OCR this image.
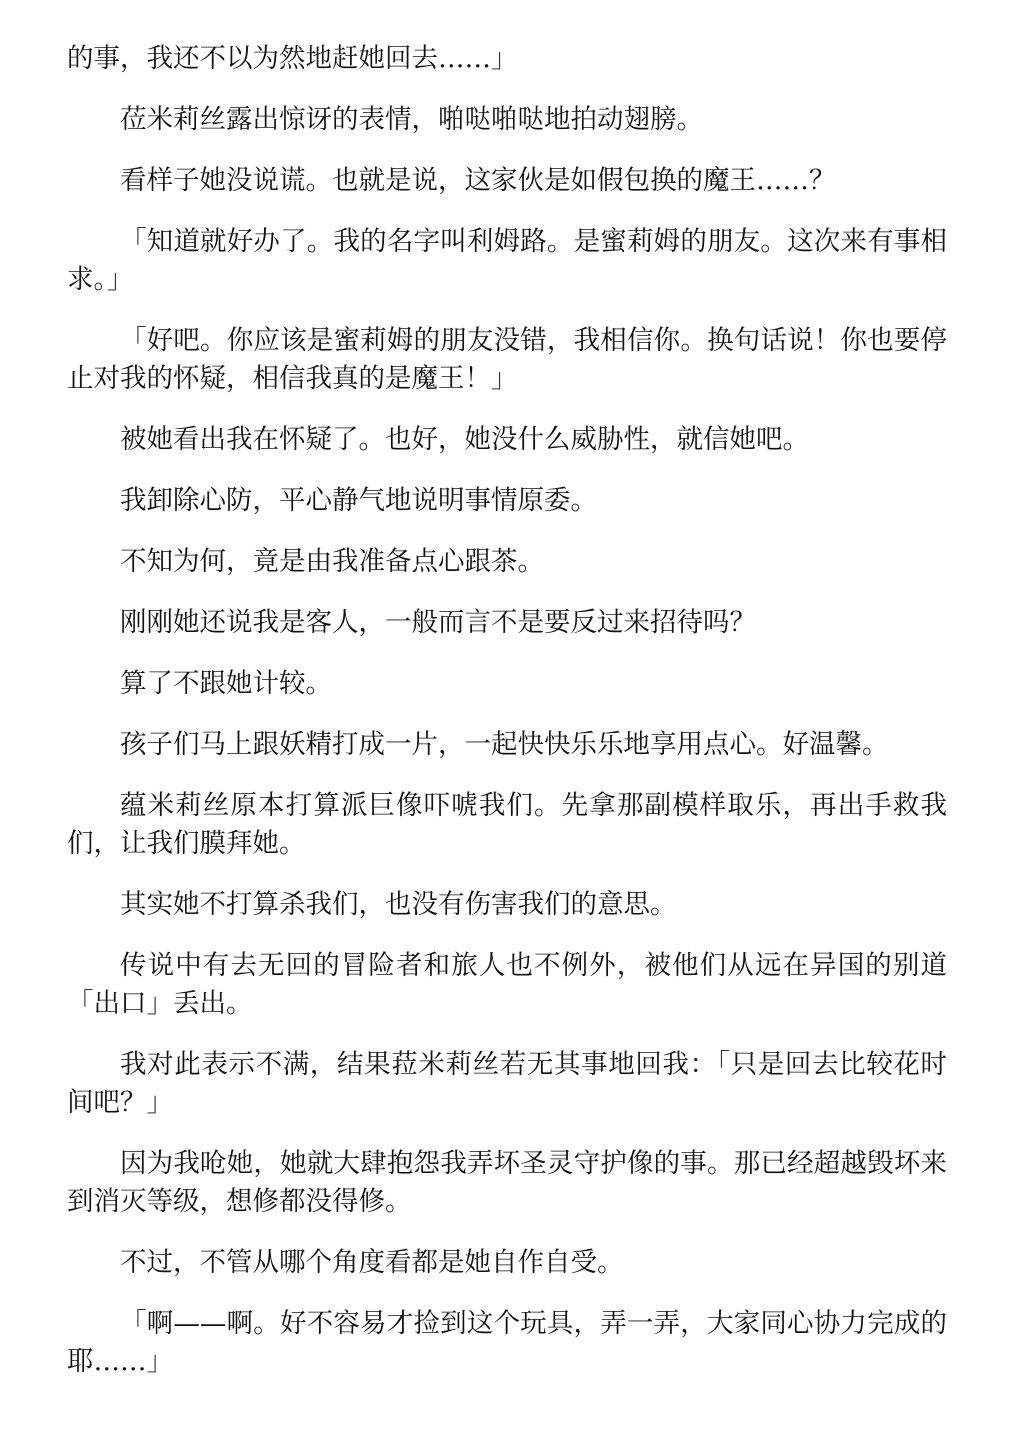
的事，我还不以为然地赶她回去……」

莅米莉丝露出惊讶的表情，啪哒啪哒地拍动翅膀。

看样子她没说谎。也就是说，这家伙是如假包换的魔王……？

「知道就好办了。我的名字叫利姆路。是蜜莉姆的朋友。这次来有事相求。」

「好吧。你应该是蜜莉姆的朋友没错，我相信你。换句话说！你也要停止对我的怀疑，相信我真的是魔王！」

被她看出我在怀疑了。也好，她没什么威胁性，就信她吧。

我卸除心防，平心静气地说明事情原委。

不知为何，竟是由我准备点心跟茶。

刚刚她还说我是客人，一般而言不是要反过来招待吗？

算了不跟她计较。

孩子们马上跟妖精打成一片，一起快快乐乐地享用点心。好温馨。

蕴米莉丝原本打算派巨像吓唬我们。先拿那副模样取乐，再出手救我们，让我们膜拜她。

其实她不打算杀我们，也没有伤害我们的意思。

传说中有去无回的冒险者和旅人也不例外，被他们从远在异国的别道「出口」丢出。

我对此表示不满，结果菈米莉丝若无其事地回我：「只是回去比较花时间吧？」

因为我呛她，她就大肆抱怨我弄坏圣灵守护像的事。那已经超越毁坏来到消灭等级，想修都没得修。

不过，不管从哪个角度看都是她自作自受。

「啊——啊。好不容易才捡到这个玩具，弄一弄，大家同心协力完成的耶……」
